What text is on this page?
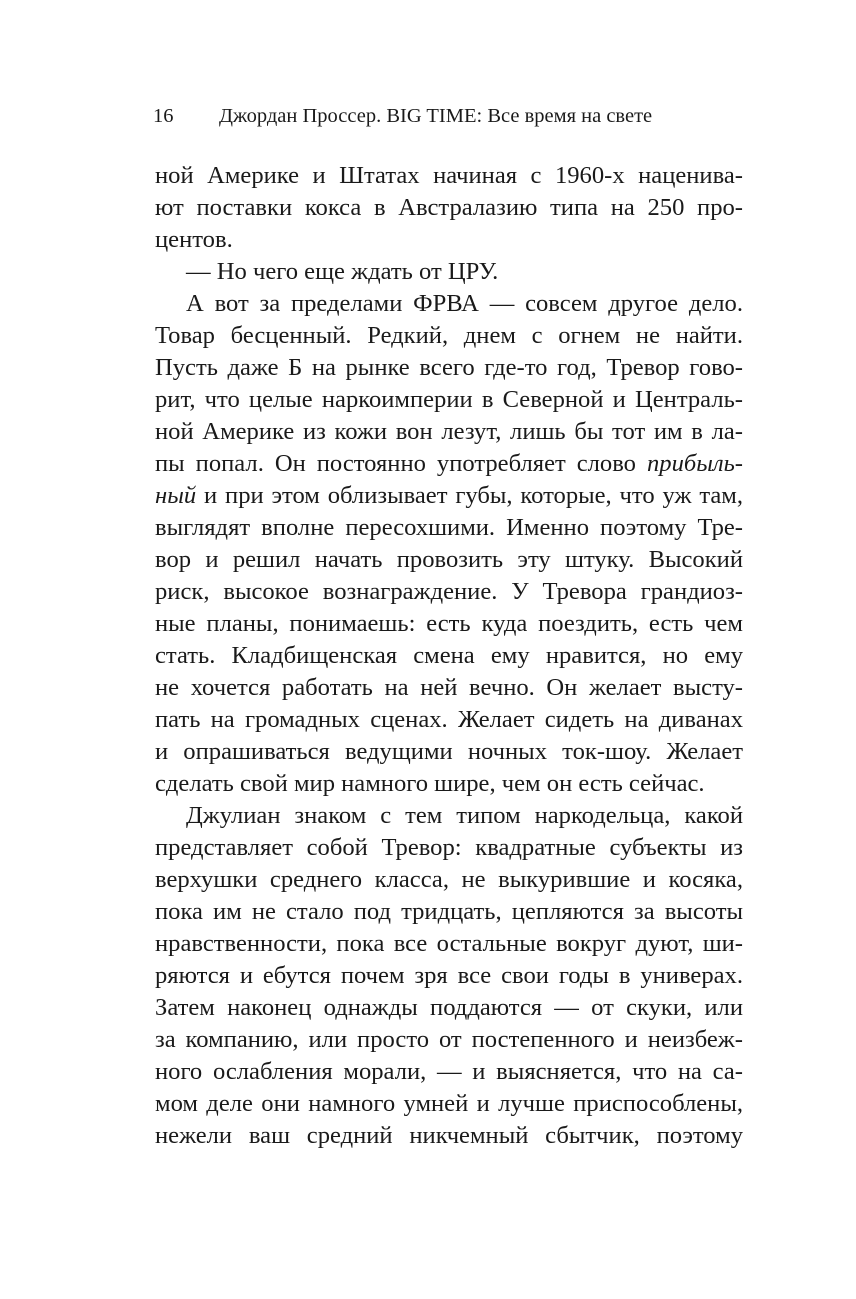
16 Джордан Проссер. BIG TIME: Все время на свете
ной Америке и Штатах начиная с 1960-х наценива-
ют поставки кокса в Австралазию типа на 250 про-
центов.
— Но чего еще ждать от ЦРУ.
А вот за пределами ФРВА — совсем другое дело.
Товар бесценный. Редкий, днем с огнем не найти.
Пусть даже Б на рынке всего где-то год, Тревор гово-
рит, что целые наркоимперии в Северной и Централь-
ной Америке из кожи вон лезут, лишь бы тот им в ла-
пы попал. Он постоянно употребляет слово прибыль-
ный и при этом облизывает губы, которые, что уж там,
выглядят вполне пересохшими. Именно поэтому Тре-
вор и решил начать провозить эту штуку. Высокий
риск, высокое вознаграждение. У Тревора грандиоз-
ные планы, понимаешь: есть куда поездить, есть чем
стать. Кладбищенская смена ему нравится, но ему
не хочется работать на ней вечно. Он желает высту-
пать на громадных сценах. Желает сидеть на диванах
и опрашиваться ведущими ночных ток-шоу. Желает
сделать свой мир намного шире, чем он есть сейчас.
Джулиан знаком с тем типом наркодельца, какой
представляет собой Тревор: квадратные субъекты из
верхушки среднего класса, не выкурившие и косяка,
пока им не стало под тридцать, цепляются за высоты
нравственности, пока все остальные вокруг дуют, ши-
ряются и ебутся почем зря все свои годы в универах.
Затем наконец однажды поддаются — от скуки, или
за компанию, или просто от постепенного и неизбеж-
ного ослабления морали, — и выясняется, что на са-
мом деле они намного умней и лучше приспособлены,
нежели ваш средний никчемный сбытчик, поэтому
